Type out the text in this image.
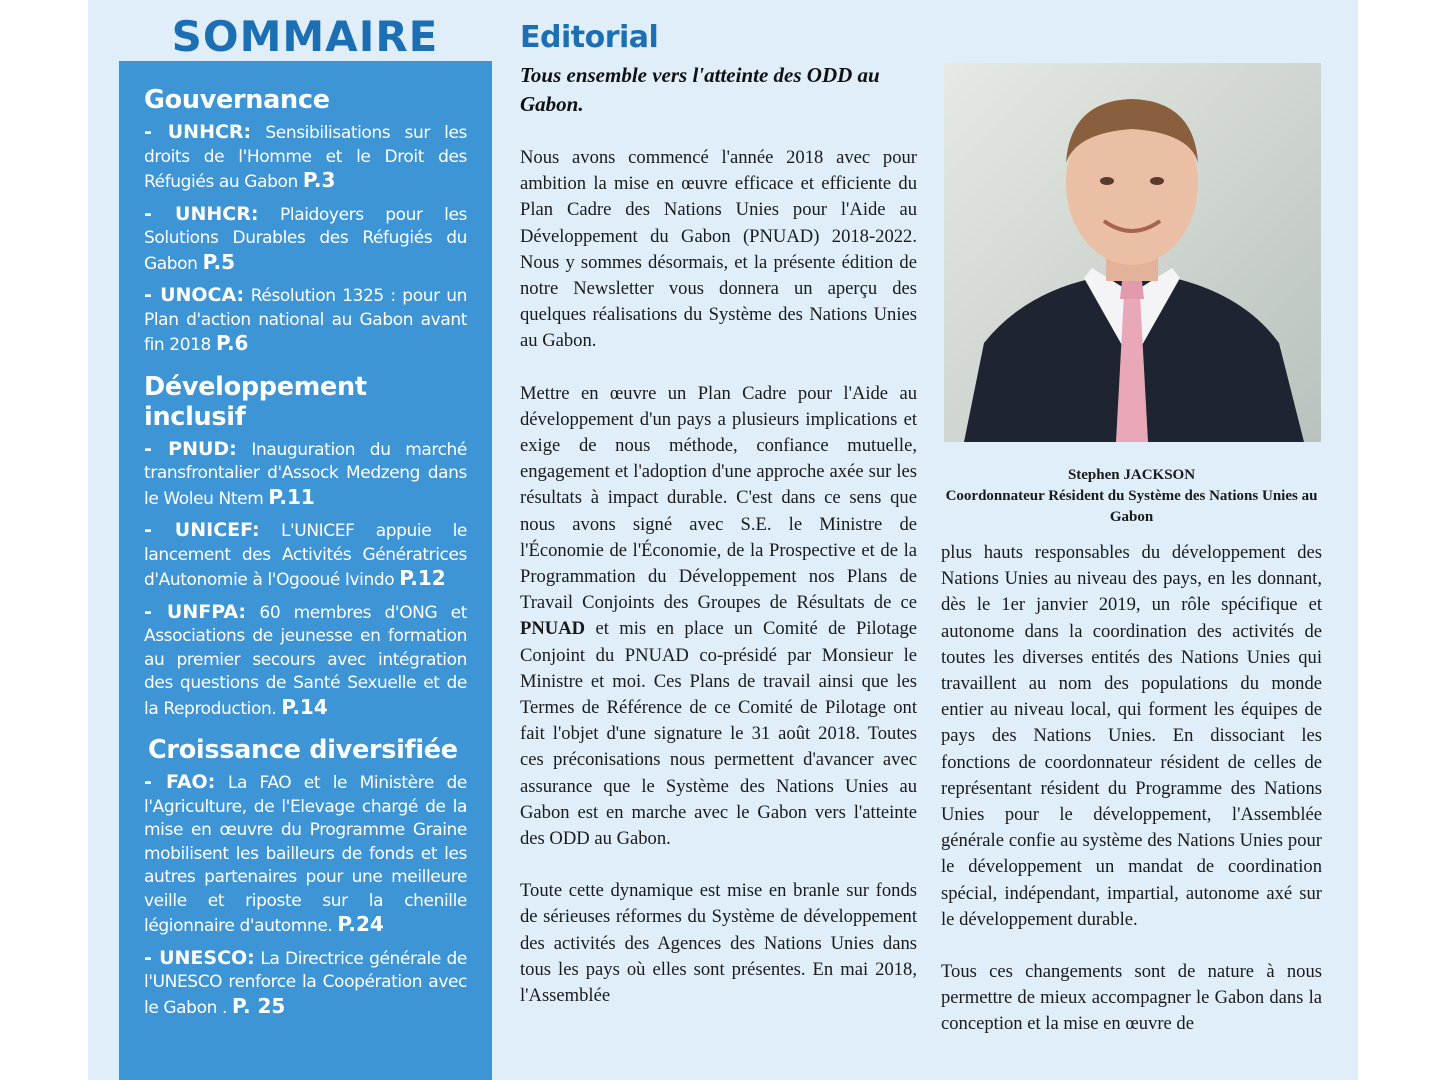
SOMMAIRE
Gouvernance
- UNHCR: Sensibilisations sur les droits de l'Homme et le Droit des Réfugiés au Gabon P.3
- UNHCR: Plaidoyers pour les Solutions Durables des Réfugiés du Gabon P.5
- UNOCA: Résolution 1325 : pour un Plan d'action national au Gabon avant fin 2018 P.6
Développement inclusif
- PNUD: Inauguration du marché transfrontalier d'Assock Medzeng dans le Woleu Ntem P.11
- UNICEF: L'UNICEF appuie le lancement des Activités Génératrices d'Autonomie à l'Ogooué Ivindo P.12
- UNFPA: 60 membres d'ONG et Associations de jeunesse en formation au premier secours avec intégration des questions de Santé Sexuelle et de la Reproduction. P.14
Croissance diversifiée
- FAO: La FAO et le Ministère de l'Agriculture, de l'Elevage chargé de la mise en œuvre du Programme Graine mobilisent les bailleurs de fonds et les autres partenaires pour une meilleure veille et riposte sur la chenille légionnaire d'automne. P.24
- UNESCO: La Directrice générale de l'UNESCO renforce la Coopération avec le Gabon . P. 25
Editorial
Tous ensemble vers l'atteinte des ODD au Gabon.

Nous avons commencé l'année 2018 avec pour ambition la mise en œuvre efficace et efficiente du Plan Cadre des Nations Unies pour l'Aide au Développement du Gabon (PNUAD) 2018-2022. Nous y sommes désormais, et la présente édition de notre Newsletter vous donnera un aperçu des quelques réalisations du Système des Nations Unies au Gabon.

Mettre en œuvre un Plan Cadre pour l'Aide au développement d'un pays a plusieurs implications et exige de nous méthode, confiance mutuelle, engagement et l'adoption d'une approche axée sur les résultats à impact durable. C'est dans ce sens que nous avons signé avec S.E. le Ministre de l'Économie de l'Économie, de la Prospective et de la Programmation du Développement nos Plans de Travail Conjoints des Groupes de Résultats de ce PNUAD et mis en place un Comité de Pilotage Conjoint du PNUAD co-présidé par Monsieur le Ministre et moi. Ces Plans de travail ainsi que les Termes de Référence de ce Comité de Pilotage ont fait l'objet d'une signature le 31 août 2018. Toutes ces préconisations nous permettent d'avancer avec assurance que le Système des Nations Unies au Gabon est en marche avec le Gabon vers l'atteinte des ODD au Gabon.

Toute cette dynamique est mise en branle sur fonds de sérieuses réformes du Système de développement des activités des Agences des Nations Unies dans tous les pays où elles sont présentes. En mai 2018, l'Assemblée

Stephen JACKSON
Coordonnateur Résident du Système des Nations Unies au Gabon

plus hauts responsables du développement des Nations Unies au niveau des pays, en les donnant, dès le 1er janvier 2019, un rôle spécifique et autonome dans la coordination des activités de toutes les diverses entités des Nations Unies qui travaillent au nom des populations du monde entier au niveau local, qui forment les équipes de pays des Nations Unies. En dissociant les fonctions de coordonnateur résident de celles de représentant résident du Programme des Nations Unies pour le développement, l'Assemblée générale confie au système des Nations Unies pour le développement un mandat de coordination spécial, indépendant, impartial, autonome axé sur le développement durable.

Tous ces changements sont de nature à nous permettre de mieux accompagner le Gabon dans la conception et la mise en œuvre de
